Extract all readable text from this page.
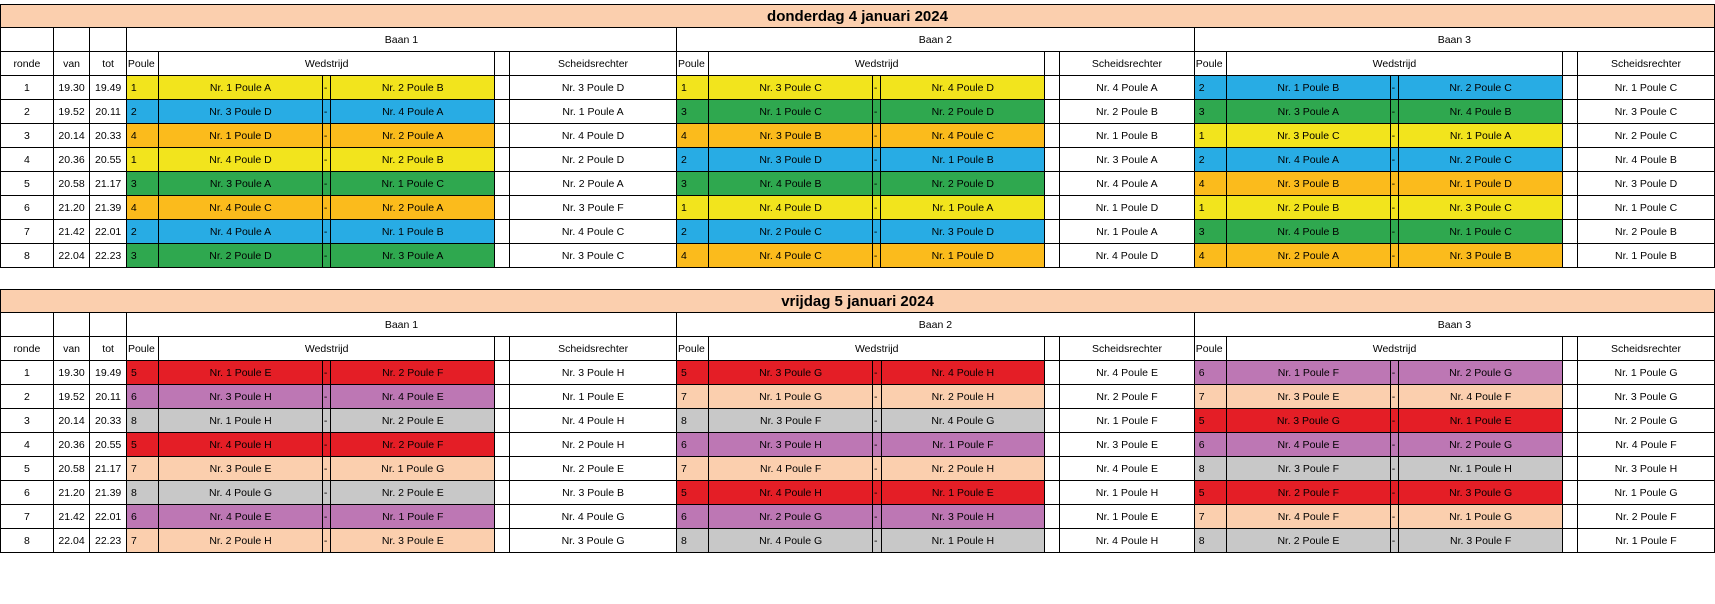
donderdag 4 januari 2024																				
			Baan 1						Baan 2						Baan 3					
ronde	van	tot	Poule	Wedstrijd				Scheidsrechter	Poule	Wedstrijd				Scheidsrechter	Poule	Wedstrijd				Scheidsrechter
1	19.30	19.49	1	Nr. 1 Poule A	-	Nr. 2 Poule B		Nr. 3 Poule D	1	Nr. 3 Poule C	-	Nr. 4 Poule D		Nr. 4 Poule A	2	Nr. 1 Poule B	-	Nr. 2 Poule C		Nr. 1 Poule C
2	19.52	20.11	2	Nr. 3 Poule D	-	Nr. 4 Poule A		Nr. 1 Poule A	3	Nr. 1 Poule C	-	Nr. 2 Poule D		Nr. 2 Poule B	3	Nr. 3 Poule A	-	Nr. 4 Poule B		Nr. 3 Poule C
3	20.14	20.33	4	Nr. 1 Poule D	-	Nr. 2 Poule A		Nr. 4 Poule D	4	Nr. 3 Poule B	-	Nr. 4 Poule C		Nr. 1 Poule B	1	Nr. 3 Poule C	-	Nr. 1 Poule A		Nr. 2 Poule C
4	20.36	20.55	1	Nr. 4 Poule D	-	Nr. 2 Poule B		Nr. 2 Poule D	2	Nr. 3 Poule D	-	Nr. 1 Poule B		Nr. 3 Poule A	2	Nr. 4 Poule A	-	Nr. 2 Poule C		Nr. 4 Poule B
5	20.58	21.17	3	Nr. 3 Poule A	-	Nr. 1 Poule C		Nr. 2 Poule A	3	Nr. 4 Poule B	-	Nr. 2 Poule D		Nr. 4 Poule A	4	Nr. 3 Poule B	-	Nr. 1 Poule D		Nr. 3 Poule D
6	21.20	21.39	4	Nr. 4 Poule C	-	Nr. 2 Poule A		Nr. 3 Poule F	1	Nr. 4 Poule D	-	Nr. 1 Poule A		Nr. 1 Poule D	1	Nr. 2 Poule B	-	Nr. 3 Poule C		Nr. 1 Poule C
7	21.42	22.01	2	Nr. 4 Poule A	-	Nr. 1 Poule B		Nr. 4 Poule C	2	Nr. 2 Poule C	-	Nr. 3 Poule D		Nr. 1 Poule A	3	Nr. 4 Poule B	-	Nr. 1 Poule C		Nr. 2 Poule B
8	22.04	22.23	3	Nr. 2 Poule D	-	Nr. 3 Poule A		Nr. 3 Poule C	4	Nr. 4 Poule C	-	Nr. 1 Poule D		Nr. 4 Poule D	4	Nr. 2 Poule A	-	Nr. 3 Poule B		Nr. 1 Poule B
vrijdag 5 januari 2024																				
			Baan 1						Baan 2						Baan 3					
ronde	van	tot	Poule	Wedstrijd				Scheidsrechter	Poule	Wedstrijd				Scheidsrechter	Poule	Wedstrijd				Scheidsrechter
1	19.30	19.49	5	Nr. 1 Poule E	-	Nr. 2 Poule F		Nr. 3 Poule H	5	Nr. 3 Poule G	-	Nr. 4 Poule H		Nr. 4 Poule E	6	Nr. 1 Poule F	-	Nr. 2 Poule G		Nr. 1 Poule G
2	19.52	20.11	6	Nr. 3 Poule H	-	Nr. 4 Poule E		Nr. 1 Poule E	7	Nr. 1 Poule G	-	Nr. 2 Poule H		Nr. 2 Poule F	7	Nr. 3 Poule E	-	Nr. 4 Poule F		Nr. 3 Poule G
3	20.14	20.33	8	Nr. 1 Poule H	-	Nr. 2 Poule E		Nr. 4 Poule H	8	Nr. 3 Poule F	-	Nr. 4 Poule G		Nr. 1 Poule F	5	Nr. 3 Poule G	-	Nr. 1 Poule E		Nr. 2 Poule G
4	20.36	20.55	5	Nr. 4 Poule H	-	Nr. 2 Poule F		Nr. 2 Poule H	6	Nr. 3 Poule H	-	Nr. 1 Poule F		Nr. 3 Poule E	6	Nr. 4 Poule E	-	Nr. 2 Poule G		Nr. 4 Poule F
5	20.58	21.17	7	Nr. 3 Poule E	-	Nr. 1 Poule G		Nr. 2 Poule E	7	Nr. 4 Poule F	-	Nr. 2 Poule H		Nr. 4 Poule E	8	Nr. 3 Poule F	-	Nr. 1 Poule H		Nr. 3 Poule H
6	21.20	21.39	8	Nr. 4 Poule G	-	Nr. 2 Poule E		Nr. 3 Poule B	5	Nr. 4 Poule H	-	Nr. 1 Poule E		Nr. 1 Poule H	5	Nr. 2 Poule F	-	Nr. 3 Poule G		Nr. 1 Poule G
7	21.42	22.01	6	Nr. 4 Poule E	-	Nr. 1 Poule F		Nr. 4 Poule G	6	Nr. 2 Poule G	-	Nr. 3 Poule H		Nr. 1 Poule E	7	Nr. 4 Poule F	-	Nr. 1 Poule G		Nr. 2 Poule F
8	22.04	22.23	7	Nr. 2 Poule H	-	Nr. 3 Poule E		Nr. 3 Poule G	8	Nr. 4 Poule G	-	Nr. 1 Poule H		Nr. 4 Poule H	8	Nr. 2 Poule E	-	Nr. 3 Poule F		Nr. 1 Poule F
